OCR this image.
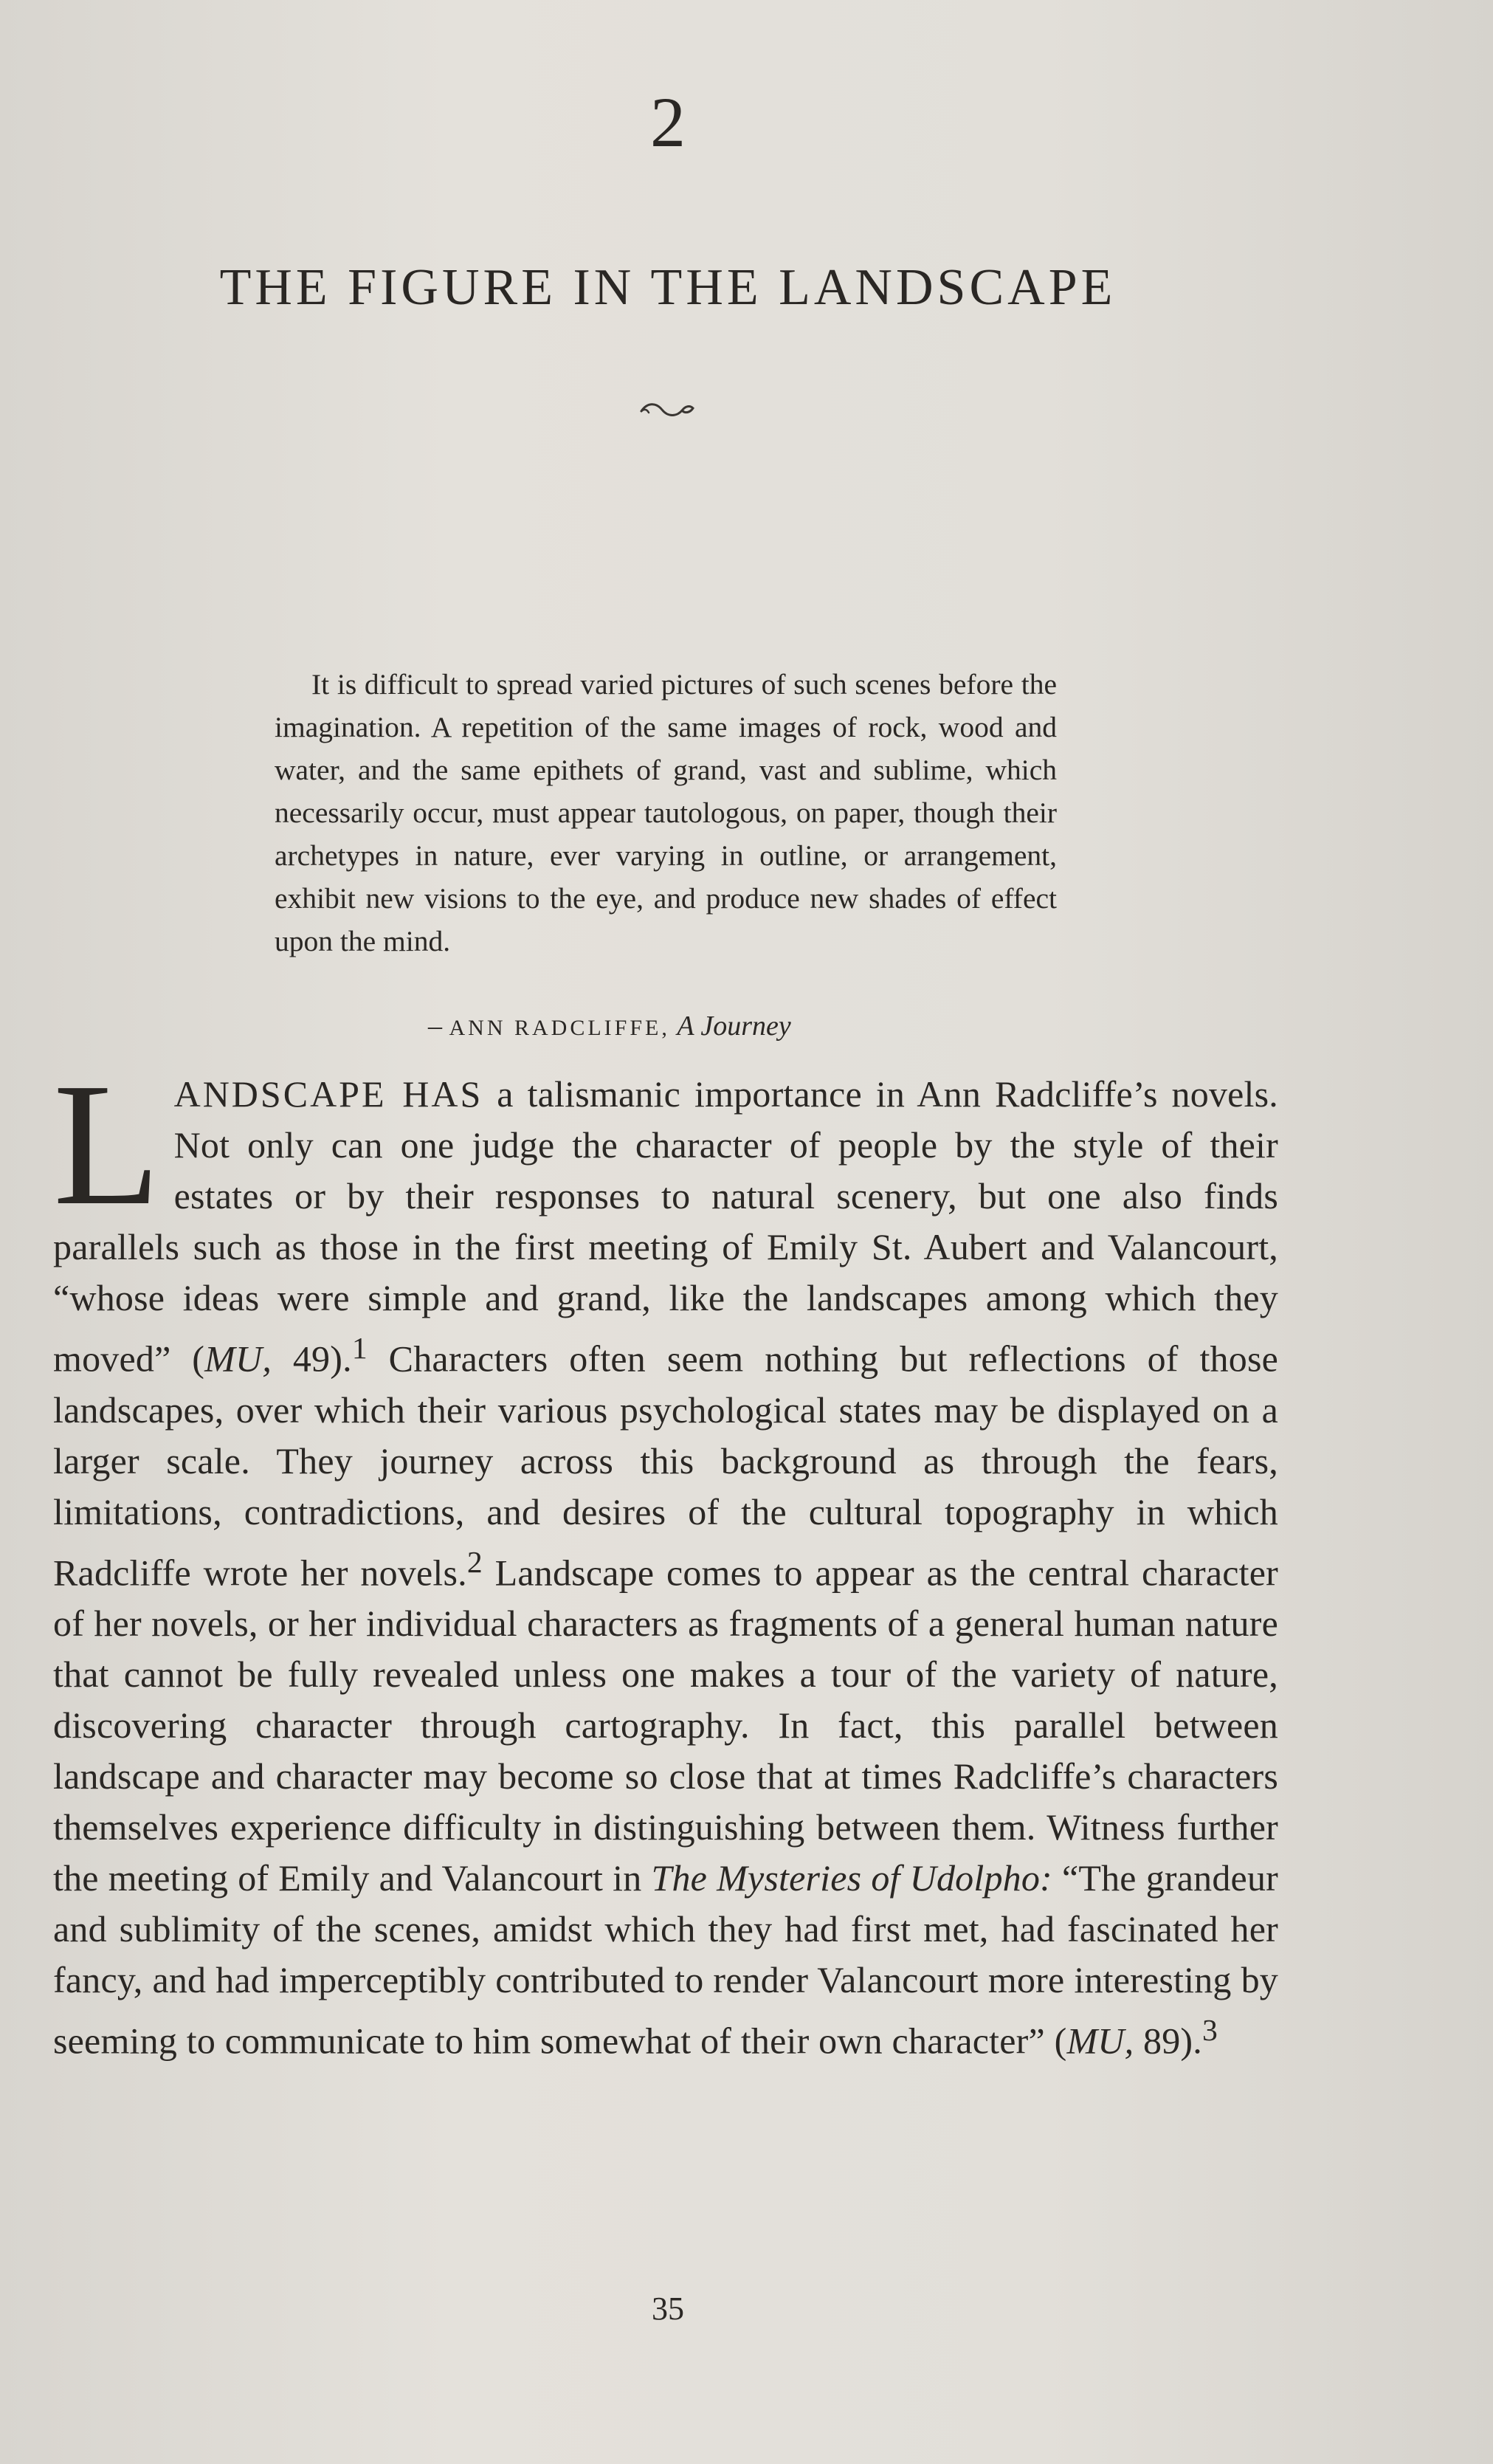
2
THE FIGURE IN THE LANDSCAPE

It is difficult to spread varied pictures of such scenes before the imagination. A repetition of the same images of rock, wood and water, and the same epithets of grand, vast and sublime, which necessarily occur, must appear tautologous, on paper, though their archetypes in nature, ever varying in outline, or arrangement, exhibit new visions to the eye, and produce new shades of effect upon the mind.

– ANN RADCLIFFE, A Journey

LANDSCAPE HAS a talismanic importance in Ann Radcliffe’s novels. Not only can one judge the character of people by the style of their estates or by their responses to natural scenery, but one also finds parallels such as those in the first meeting of Emily St. Aubert and Valancourt, “whose ideas were simple and grand, like the landscapes among which they moved” (MU, 49).$^1$ Characters often seem nothing but reflections of those landscapes, over which their various psychological states may be displayed on a larger scale. They journey across this background as through the fears, limitations, contradictions, and desires of the cultural topography in which Radcliffe wrote her novels.$^2$ Landscape comes to appear as the central character of her novels, or her individual characters as fragments of a general human nature that cannot be fully revealed unless one makes a tour of the variety of nature, discovering character through cartography. In fact, this parallel between landscape and character may become so close that at times Radcliffe’s characters themselves experience difficulty in distinguishing between them. Witness further the meeting of Emily and Valancourt in The Mysteries of Udolpho: “The grandeur and sublimity of the scenes, amidst which they had first met, had fascinated her fancy, and had imperceptibly contributed to render Valancourt more interesting by seeming to communicate to him somewhat of their own character” (MU, 89).$^3$

35
